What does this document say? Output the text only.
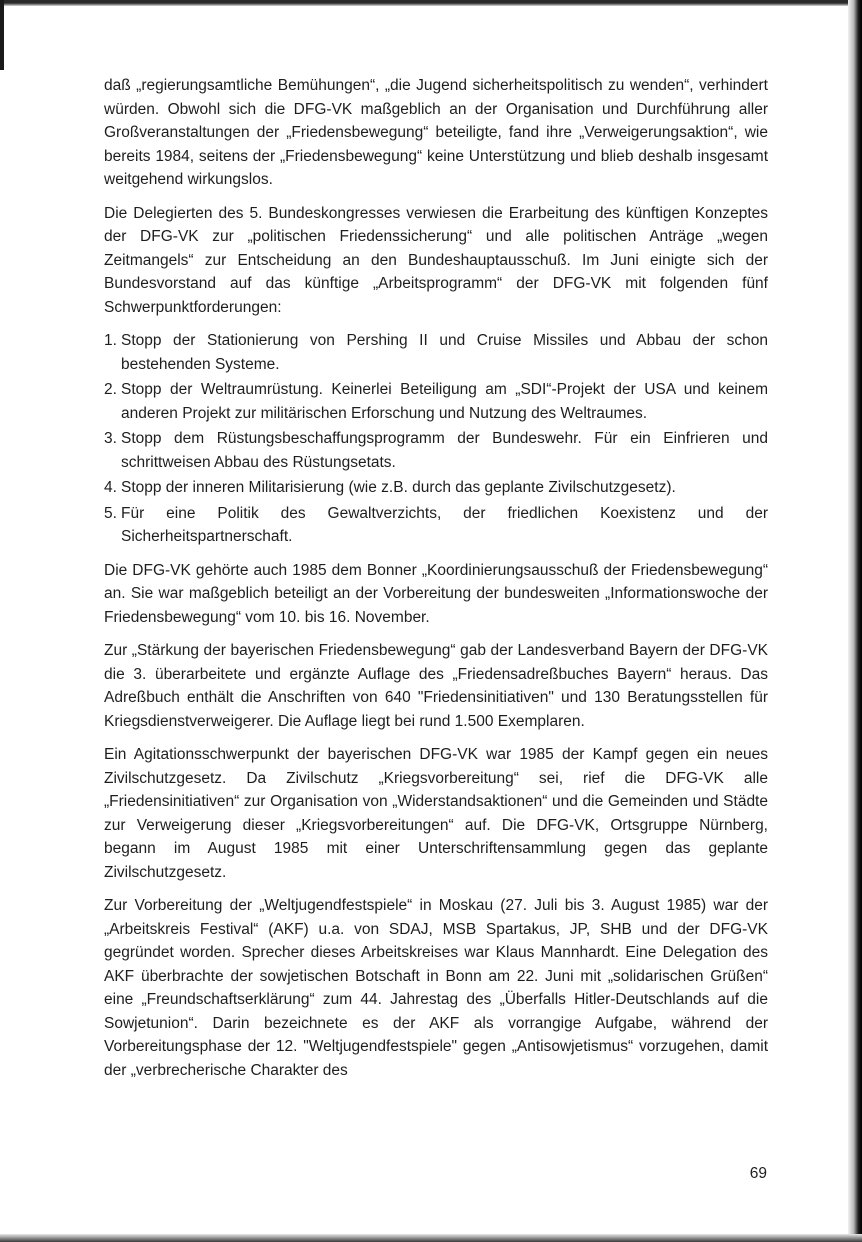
daß „regierungsamtliche Bemühungen“, „die Jugend sicherheitspolitisch zu wenden“, verhindert würden. Obwohl sich die DFG-VK maßgeblich an der Organisation und Durchführung aller Großveranstaltungen der „Friedensbewegung“ beteiligte, fand ihre „Verweigerungsaktion“, wie bereits 1984, seitens der „Friedensbewegung“ keine Unterstützung und blieb deshalb insgesamt weitgehend wirkungslos.

Die Delegierten des 5. Bundeskongresses verwiesen die Erarbeitung des künftigen Konzeptes der DFG-VK zur „politischen Friedenssicherung“ und alle politischen Anträge „wegen Zeitmangels“ zur Entscheidung an den Bundeshauptausschuß. Im Juni einigte sich der Bundesvorstand auf das künftige „Arbeitsprogramm“ der DFG-VK mit folgenden fünf Schwerpunktforderungen:

1. Stopp der Stationierung von Pershing II und Cruise Missiles und Abbau der schon bestehenden Systeme.
2. Stopp der Weltraumrüstung. Keinerlei Beteiligung am „SDI“-Projekt der USA und keinem anderen Projekt zur militärischen Erforschung und Nutzung des Weltraumes.
3. Stopp dem Rüstungsbeschaffungsprogramm der Bundeswehr. Für ein Einfrieren und schrittweisen Abbau des Rüstungsetats.
4. Stopp der inneren Militarisierung (wie z.B. durch das geplante Zivilschutzgesetz).
5. Für eine Politik des Gewaltverzichts, der friedlichen Koexistenz und der Sicherheitspartnerschaft.

Die DFG-VK gehörte auch 1985 dem Bonner „Koordinierungsausschuß der Friedensbewegung“ an. Sie war maßgeblich beteiligt an der Vorbereitung der bundesweiten „Informationswoche der Friedensbewegung“ vom 10. bis 16. November.

Zur „Stärkung der bayerischen Friedensbewegung“ gab der Landesverband Bayern der DFG-VK die 3. überarbeitete und ergänzte Auflage des „Friedensadreßbuches Bayern“ heraus. Das Adreßbuch enthält die Anschriften von 640 "Friedensinitiativen" und 130 Beratungsstellen für Kriegsdienstverweigerer. Die Auflage liegt bei rund 1.500 Exemplaren.

Ein Agitationsschwerpunkt der bayerischen DFG-VK war 1985 der Kampf gegen ein neues Zivilschutzgesetz. Da Zivilschutz „Kriegsvorbereitung“ sei, rief die DFG-VK alle „Friedensinitiativen“ zur Organisation von „Widerstandsaktionen“ und die Gemeinden und Städte zur Verweigerung dieser „Kriegsvorbereitungen“ auf. Die DFG-VK, Ortsgruppe Nürnberg, begann im August 1985 mit einer Unterschriftensammlung gegen das geplante Zivilschutzgesetz.

Zur Vorbereitung der „Weltjugendfestspiele“ in Moskau (27. Juli bis 3. August 1985) war der „Arbeitskreis Festival“ (AKF) u.a. von SDAJ, MSB Spartakus, JP, SHB und der DFG-VK gegründet worden. Sprecher dieses Arbeitskreises war Klaus Mannhardt. Eine Delegation des AKF überbrachte der sowjetischen Botschaft in Bonn am 22. Juni mit „solidarischen Grüßen“ eine „Freundschaftserklärung“ zum 44. Jahrestag des „Überfalls Hitler-Deutschlands auf die Sowjetunion“. Darin bezeichnete es der AKF als vorrangige Aufgabe, während der Vorbereitungsphase der 12. "Weltjugendfestspiele" gegen „Antisowjetismus“ vorzugehen, damit der „verbrecherische Charakter des

69
